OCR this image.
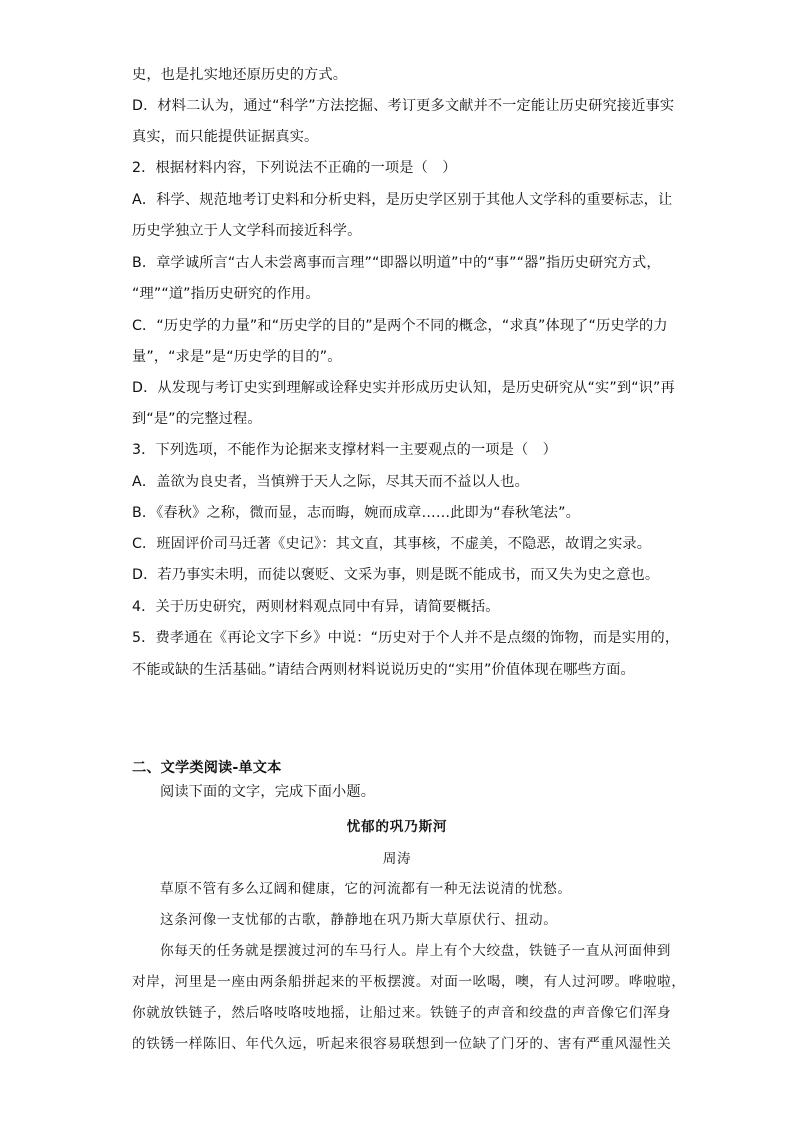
史，也是扎实地还原历史的方式。
D．材料二认为，通过“科学”方法挖掘、考订更多文献并不一定能让历史研究接近事实
真实，而只能提供证据真实。
2．根据材料内容，下列说法不正确的一项是（　）
A．科学、规范地考订史料和分析史料，是历史学区别于其他人文学科的重要标志，让
历史学独立于人文学科而接近科学。
B．章学诚所言“古人未尝离事而言理”“即器以明道”中的“事”“器”指历史研究方式，
“理”“道”指历史研究的作用。
C．“历史学的力量”和“历史学的目的”是两个不同的概念，“求真”体现了“历史学的力
量”，“求是”是“历史学的目的”。
D．从发现与考订史实到理解或诠释史实并形成历史认知，是历史研究从“实”到“识”再
到“是”的完整过程。
3．下列选项，不能作为论据来支撑材料一主要观点的一项是（　）
A．盖欲为良史者，当慎辨于天人之际，尽其天而不益以人也。
B．《春秋》之称，微而显，志而晦，婉而成章……此即为“春秋笔法”。
C．班固评价司马迁著《史记》：其文直，其事核，不虚美，不隐恶，故谓之实录。
D．若乃事实未明，而徒以褒贬、文采为事，则是既不能成书，而又失为史之意也。
4．关于历史研究，两则材料观点同中有异，请简要概括。
5．费孝通在《再论文字下乡》中说：“历史对于个人并不是点缀的饰物，而是实用的，
不能或缺的生活基础。”请结合两则材料说说历史的“实用”价值体现在哪些方面。
二、文学类阅读-单文本
阅读下面的文字，完成下面小题。
忧郁的巩乃斯河
周涛
草原不管有多么辽阔和健康，它的河流都有一种无法说清的忧愁。
这条河像一支忧郁的古歌，静静地在巩乃斯大草原伏行、扭动。
你每天的任务就是摆渡过河的车马行人。岸上有个大绞盘，铁链子一直从河面伸到
对岸，河里是一座由两条船拼起来的平板摆渡。对面一吆喝，噢，有人过河啰。哗啦啦，
你就放铁链子，然后咯吱咯吱地摇，让船过来。铁链子的声音和绞盘的声音像它们浑身
的铁锈一样陈旧、年代久远，听起来很容易联想到一位缺了门牙的、害有严重风湿性关
